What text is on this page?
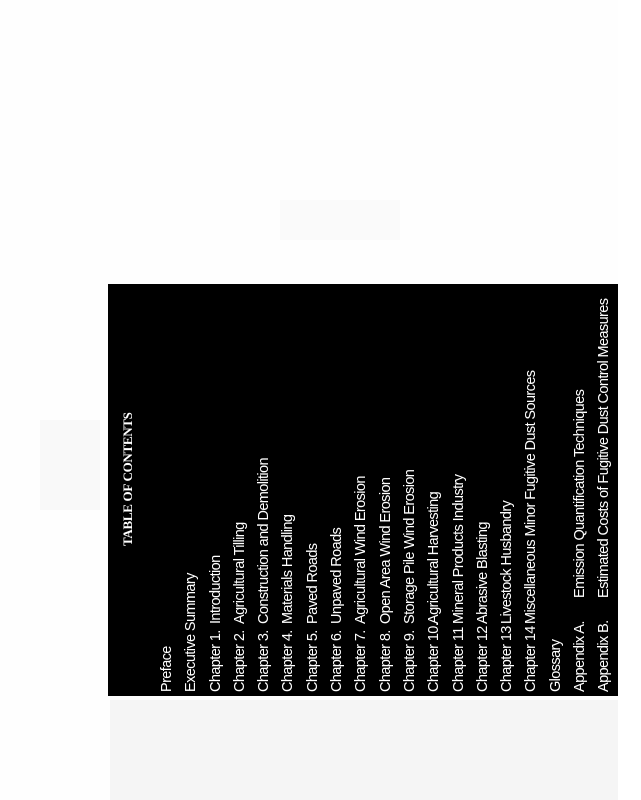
TABLE OF CONTENTS
Preface Executive Summary Chapter 1.
Introduction
Chapter 2.
Agricultural Tilling
Chapter 3.
Construction and Demolition
Chapter 4.
Materials Handling
Chapter 5.
Paved Roads
Chapter 6.
Unpaved Roads
Chapter 7.
Agricultural Wind Erosion
Chapter 8.
Open Area Wind Erosion
Chapter 9.
Storage Pile Wind Erosion
Chapter 10.
Agricultural Harvesting
Chapter 11
Mineral Products Industry
Chapter 12
Abrasive Blasting
Chapter 13
Livestock Husbandry
Chapter 14
Miscellaneous Minor Fugitive Dust Sources
Glossary Appendix A.
Emission Quantification Techniques
Appendix B.
Estimated Costs of Fugitive Dust Control Measures
Appendix C.
Methodology for Calculating Cost Effectiveness of Fugitive Dust Control
